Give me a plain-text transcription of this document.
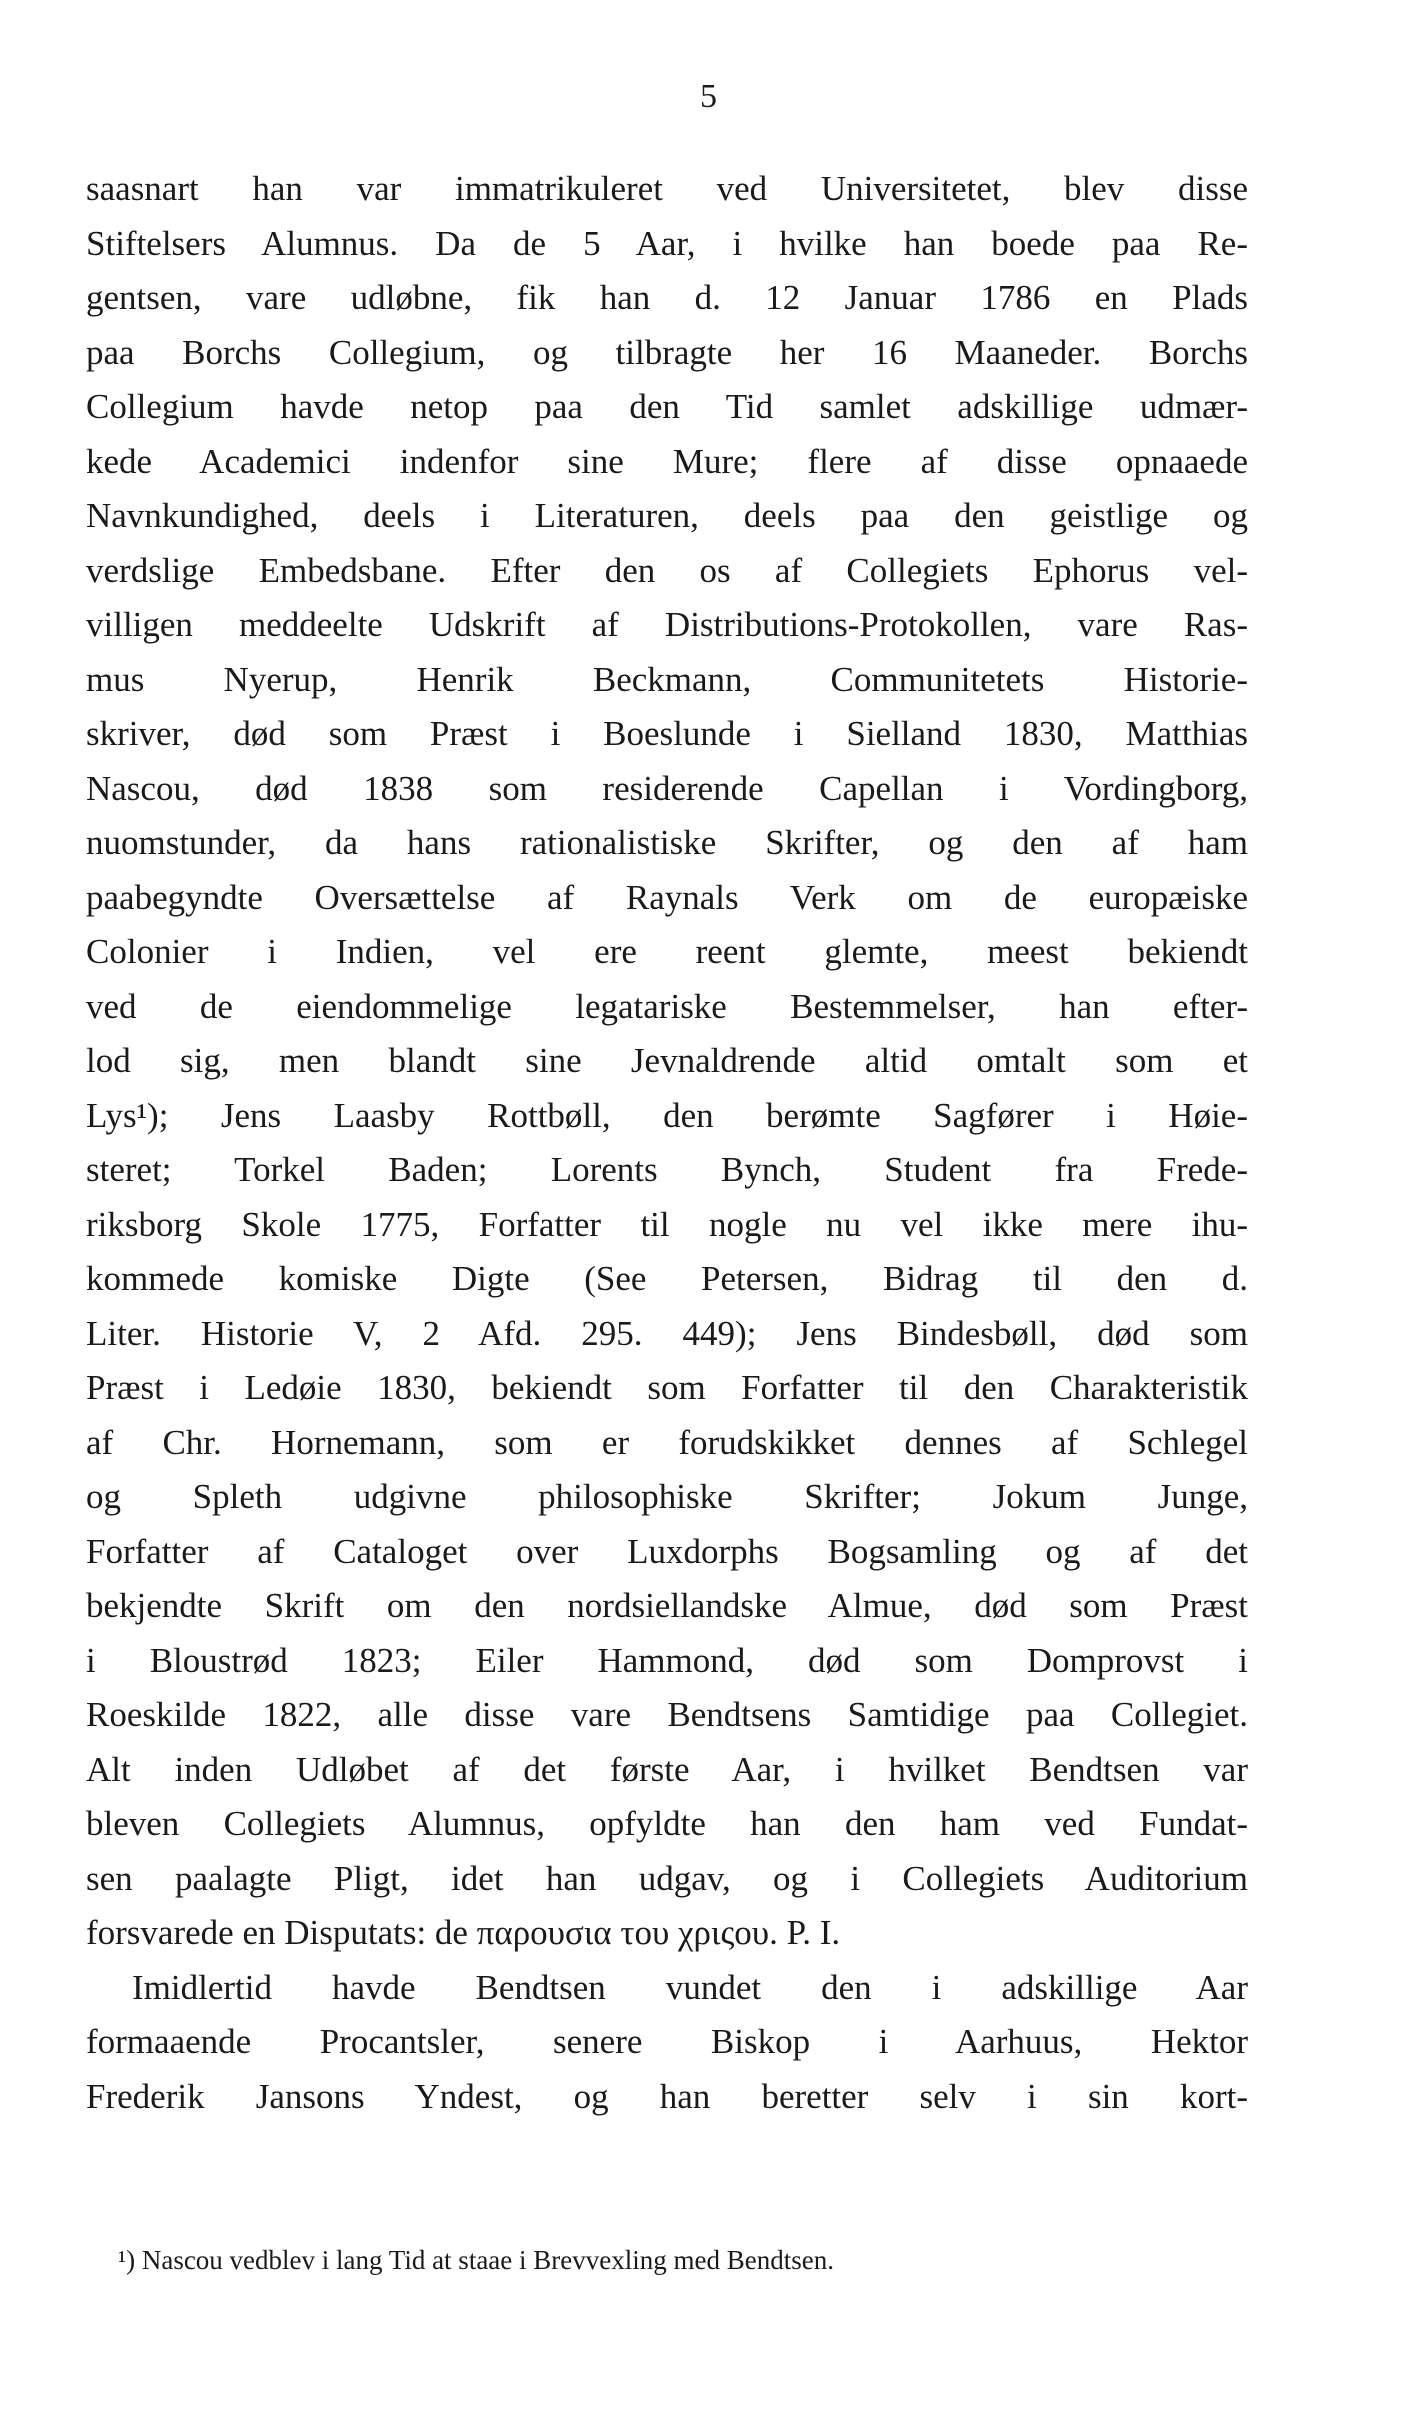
5
saasnart han var immatrikuleret ved Universitetet, blev disse
Stiftelsers Alumnus. Da de 5 Aar, i hvilke han boede paa Re-
gentsen, vare udløbne, fik han d. 12 Januar 1786 en Plads
paa Borchs Collegium, og tilbragte her 16 Maaneder. Borchs
Collegium havde netop paa den Tid samlet adskillige udmær-
kede Academici indenfor sine Mure; flere af disse opnaaede
Navnkundighed, deels i Literaturen, deels paa den geistlige og
verdslige Embedsbane. Efter den os af Collegiets Ephorus vel-
villigen meddeelte Udskrift af Distributions-Protokollen, vare Ras-
mus Nyerup, Henrik Beckmann, Communitetets Historie-
skriver, død som Præst i Boeslunde i Sielland 1830, Matthias
Nascou, død 1838 som residerende Capellan i Vordingborg,
nuomstunder, da hans rationalistiske Skrifter, og den af ham
paabegyndte Oversættelse af Raynals Verk om de europæiske
Colonier i Indien, vel ere reent glemte, meest bekiendt
ved de eiendommelige legatariske Bestemmelser, han efter-
lod sig, men blandt sine Jevnaldrende altid omtalt som et
Lys¹); Jens Laasby Rottbøll, den berømte Sagfører i Høie-
steret; Torkel Baden; Lorents Bynch, Student fra Frede-
riksborg Skole 1775, Forfatter til nogle nu vel ikke mere ihu-
kommede komiske Digte (See Petersen, Bidrag til den d.
Liter. Historie V, 2 Afd. 295. 449); Jens Bindesbøll, død som
Præst i Ledøie 1830, bekiendt som Forfatter til den Charakteristik
af Chr. Hornemann, som er forudskikket dennes af Schlegel
og Spleth udgivne philosophiske Skrifter; Jokum Junge,
Forfatter af Cataloget over Luxdorphs Bogsamling og af det
bekjendte Skrift om den nordsiellandske Almue, død som Præst
i Bloustrød 1823; Eiler Hammond, død som Domprovst i
Roeskilde 1822, alle disse vare Bendtsens Samtidige paa Collegiet.
Alt inden Udløbet af det første Aar, i hvilket Bendtsen var
bleven Collegiets Alumnus, opfyldte han den ham ved Fundat-
sen paalagte Pligt, idet han udgav, og i Collegiets Auditorium
forsvarede en Disputats: de παρουσια του χριςου. P. I.
Imidlertid havde Bendtsen vundet den i adskillige Aar
formaaende Procantsler, senere Biskop i Aarhuus, Hektor
Frederik Jansons Yndest, og han beretter selv i sin kort-
¹) Nascou vedblev i lang Tid at staae i Brevvexling med Bendtsen.
